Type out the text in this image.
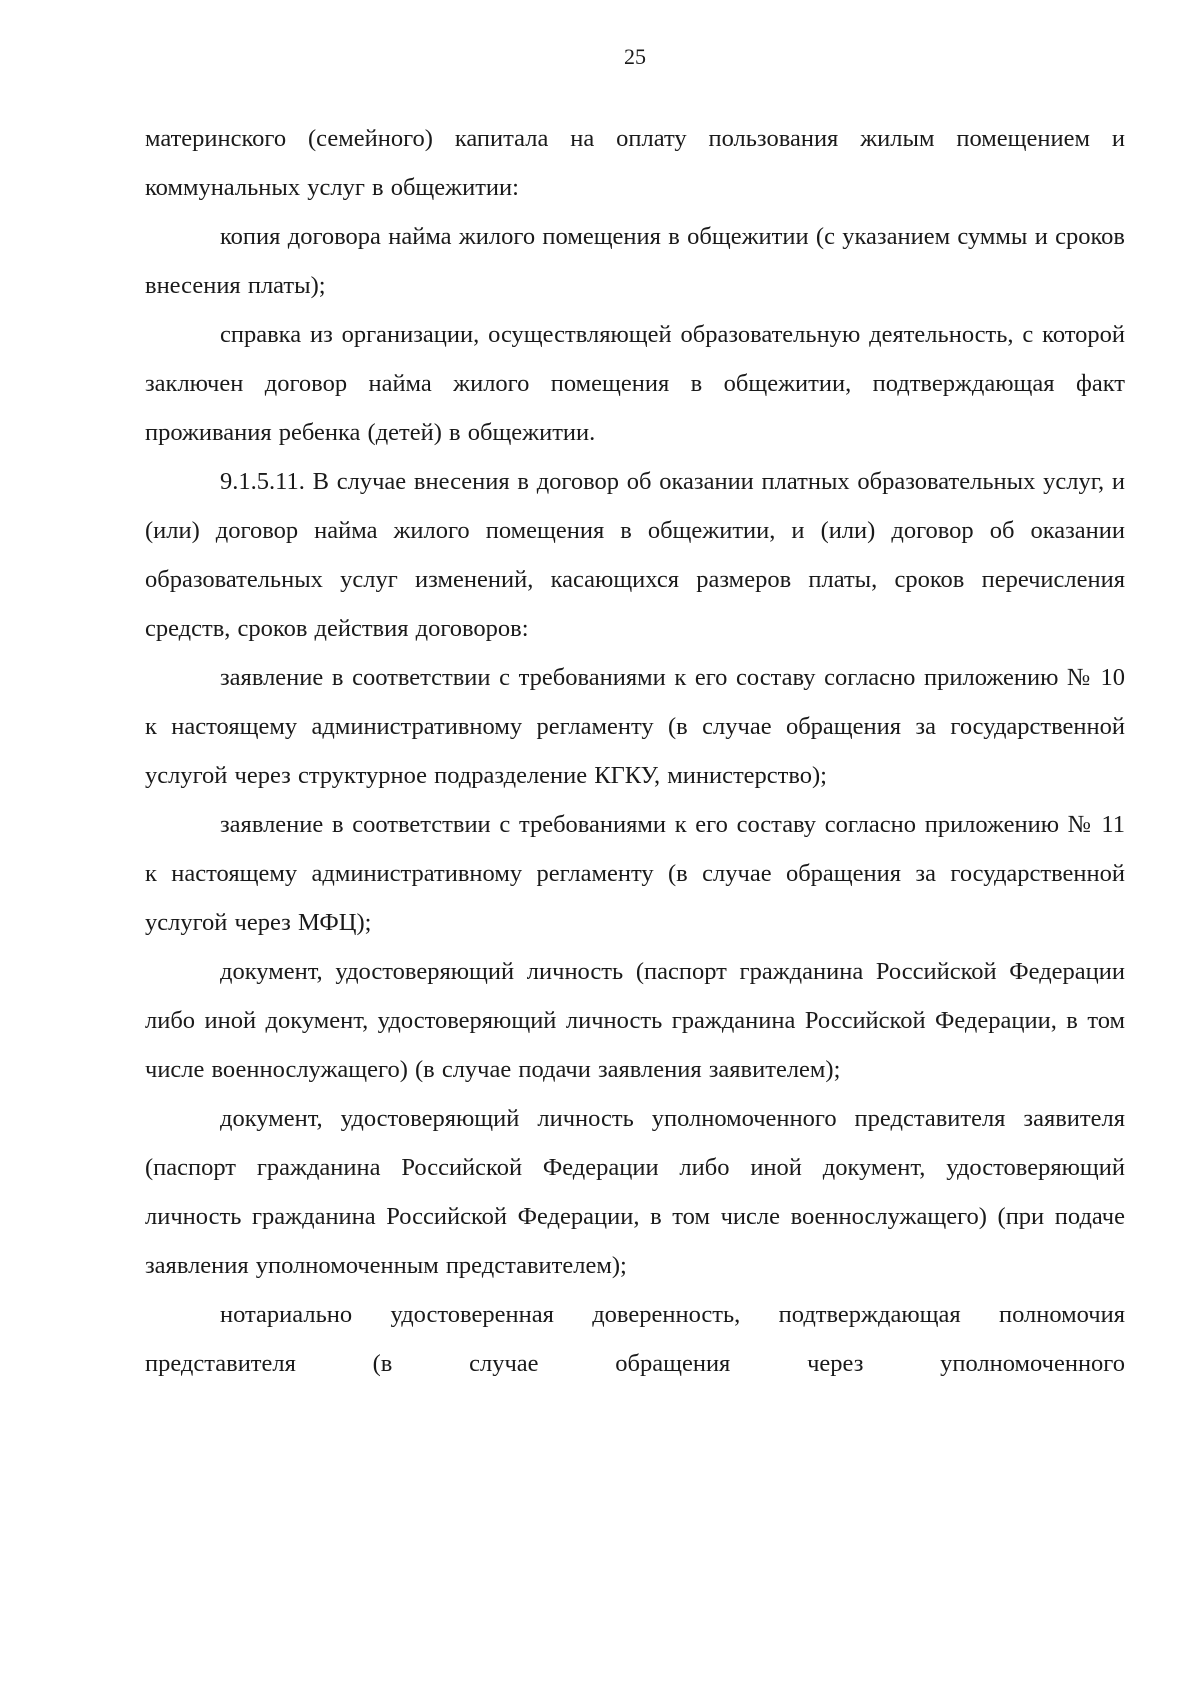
25

материнского (семейного) капитала на оплату пользования жилым помещением и коммунальных услуг в общежитии:

копия договора найма жилого помещения в общежитии (с указанием суммы и сроков внесения платы);

справка из организации, осуществляющей образовательную деятельность, с которой заключен договор найма жилого помещения в общежитии, подтверждающая факт проживания ребенка (детей) в общежитии.

9.1.5.11. В случае внесения в договор об оказании платных образовательных услуг, и (или) договор найма жилого помещения в общежитии, и (или) договор об оказании образовательных услуг изменений, касающихся размеров платы, сроков перечисления средств, сроков действия договоров:

заявление в соответствии с требованиями к его составу согласно приложению № 10 к настоящему административному регламенту (в случае обращения за государственной услугой через структурное подразделение КГКУ, министерство);

заявление в соответствии с требованиями к его составу согласно приложению № 11 к настоящему административному регламенту (в случае обращения за государственной услугой через МФЦ);

документ, удостоверяющий личность (паспорт гражданина Российской Федерации либо иной документ, удостоверяющий личность гражданина Российской Федерации, в том числе военнослужащего) (в случае подачи заявления заявителем);

документ, удостоверяющий личность уполномоченного представителя заявителя (паспорт гражданина Российской Федерации либо иной документ, удостоверяющий личность гражданина Российской Федерации, в том числе военнослужащего) (при подаче заявления уполномоченным представителем);

нотариально удостоверенная доверенность, подтверждающая полномочия представителя (в случае обращения через уполномоченного
